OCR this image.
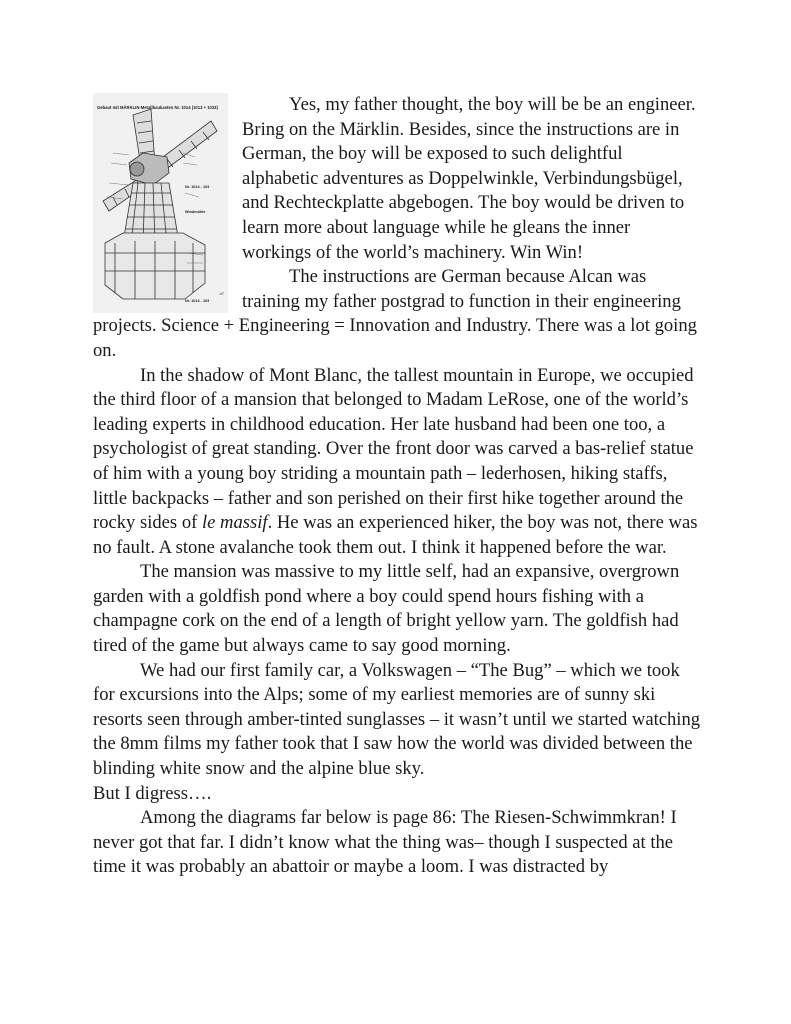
Gebaut mit MÄRKLIN-Metallbaukasten Nr. 1014 (1013 + 1033)
Nr. 1014 - 103 Windmühle
Nr. 1014 - 103
47

Yes, my father thought, the boy will be be an engineer. Bring on the Märklin. Besides, since the instructions are in German, the boy will be exposed to such delightful alphabetic adventures as Doppelwinkle, Verbindungsbügel, and Rechteckplatte abgebogen. The boy would be driven to learn more about language while he gleans the inner workings of the world’s machinery. Win Win!

The instructions are German because Alcan was training my father postgrad to function in their engineering projects. Science + Engineering = Innovation and Industry. There was a lot going on.

In the shadow of Mont Blanc, the tallest mountain in Europe, we occupied the third floor of a mansion that belonged to Madam LeRose, one of the world’s leading experts in childhood education. Her late husband had been one too, a psychologist of great standing. Over the front door was carved a bas-relief statue of him with a young boy striding a mountain path – lederhosen, hiking staffs, little backpacks – father and son perished on their first hike together around the rocky sides of le massif. He was an experienced hiker, the boy was not, there was no fault. A stone avalanche took them out. I think it happened before the war.

The mansion was massive to my little self, had an expansive, overgrown garden with a goldfish pond where a boy could spend hours fishing with a champagne cork on the end of a length of bright yellow yarn. The goldfish had tired of the game but always came to say good morning.

We had our first family car, a Volkswagen – “The Bug” – which we took for excursions into the Alps; some of my earliest memories are of sunny ski resorts seen through amber-tinted sunglasses – it wasn’t until we started watching the 8mm films my father took that I saw how the world was divided between the blinding white snow and the alpine blue sky.

But I digress….

Among the diagrams far below is page 86: The Riesen-Schwimmkran! I never got that far. I didn’t know what the thing was– though I suspected at the time it was probably an abattoir or maybe a loom. I was distracted by
